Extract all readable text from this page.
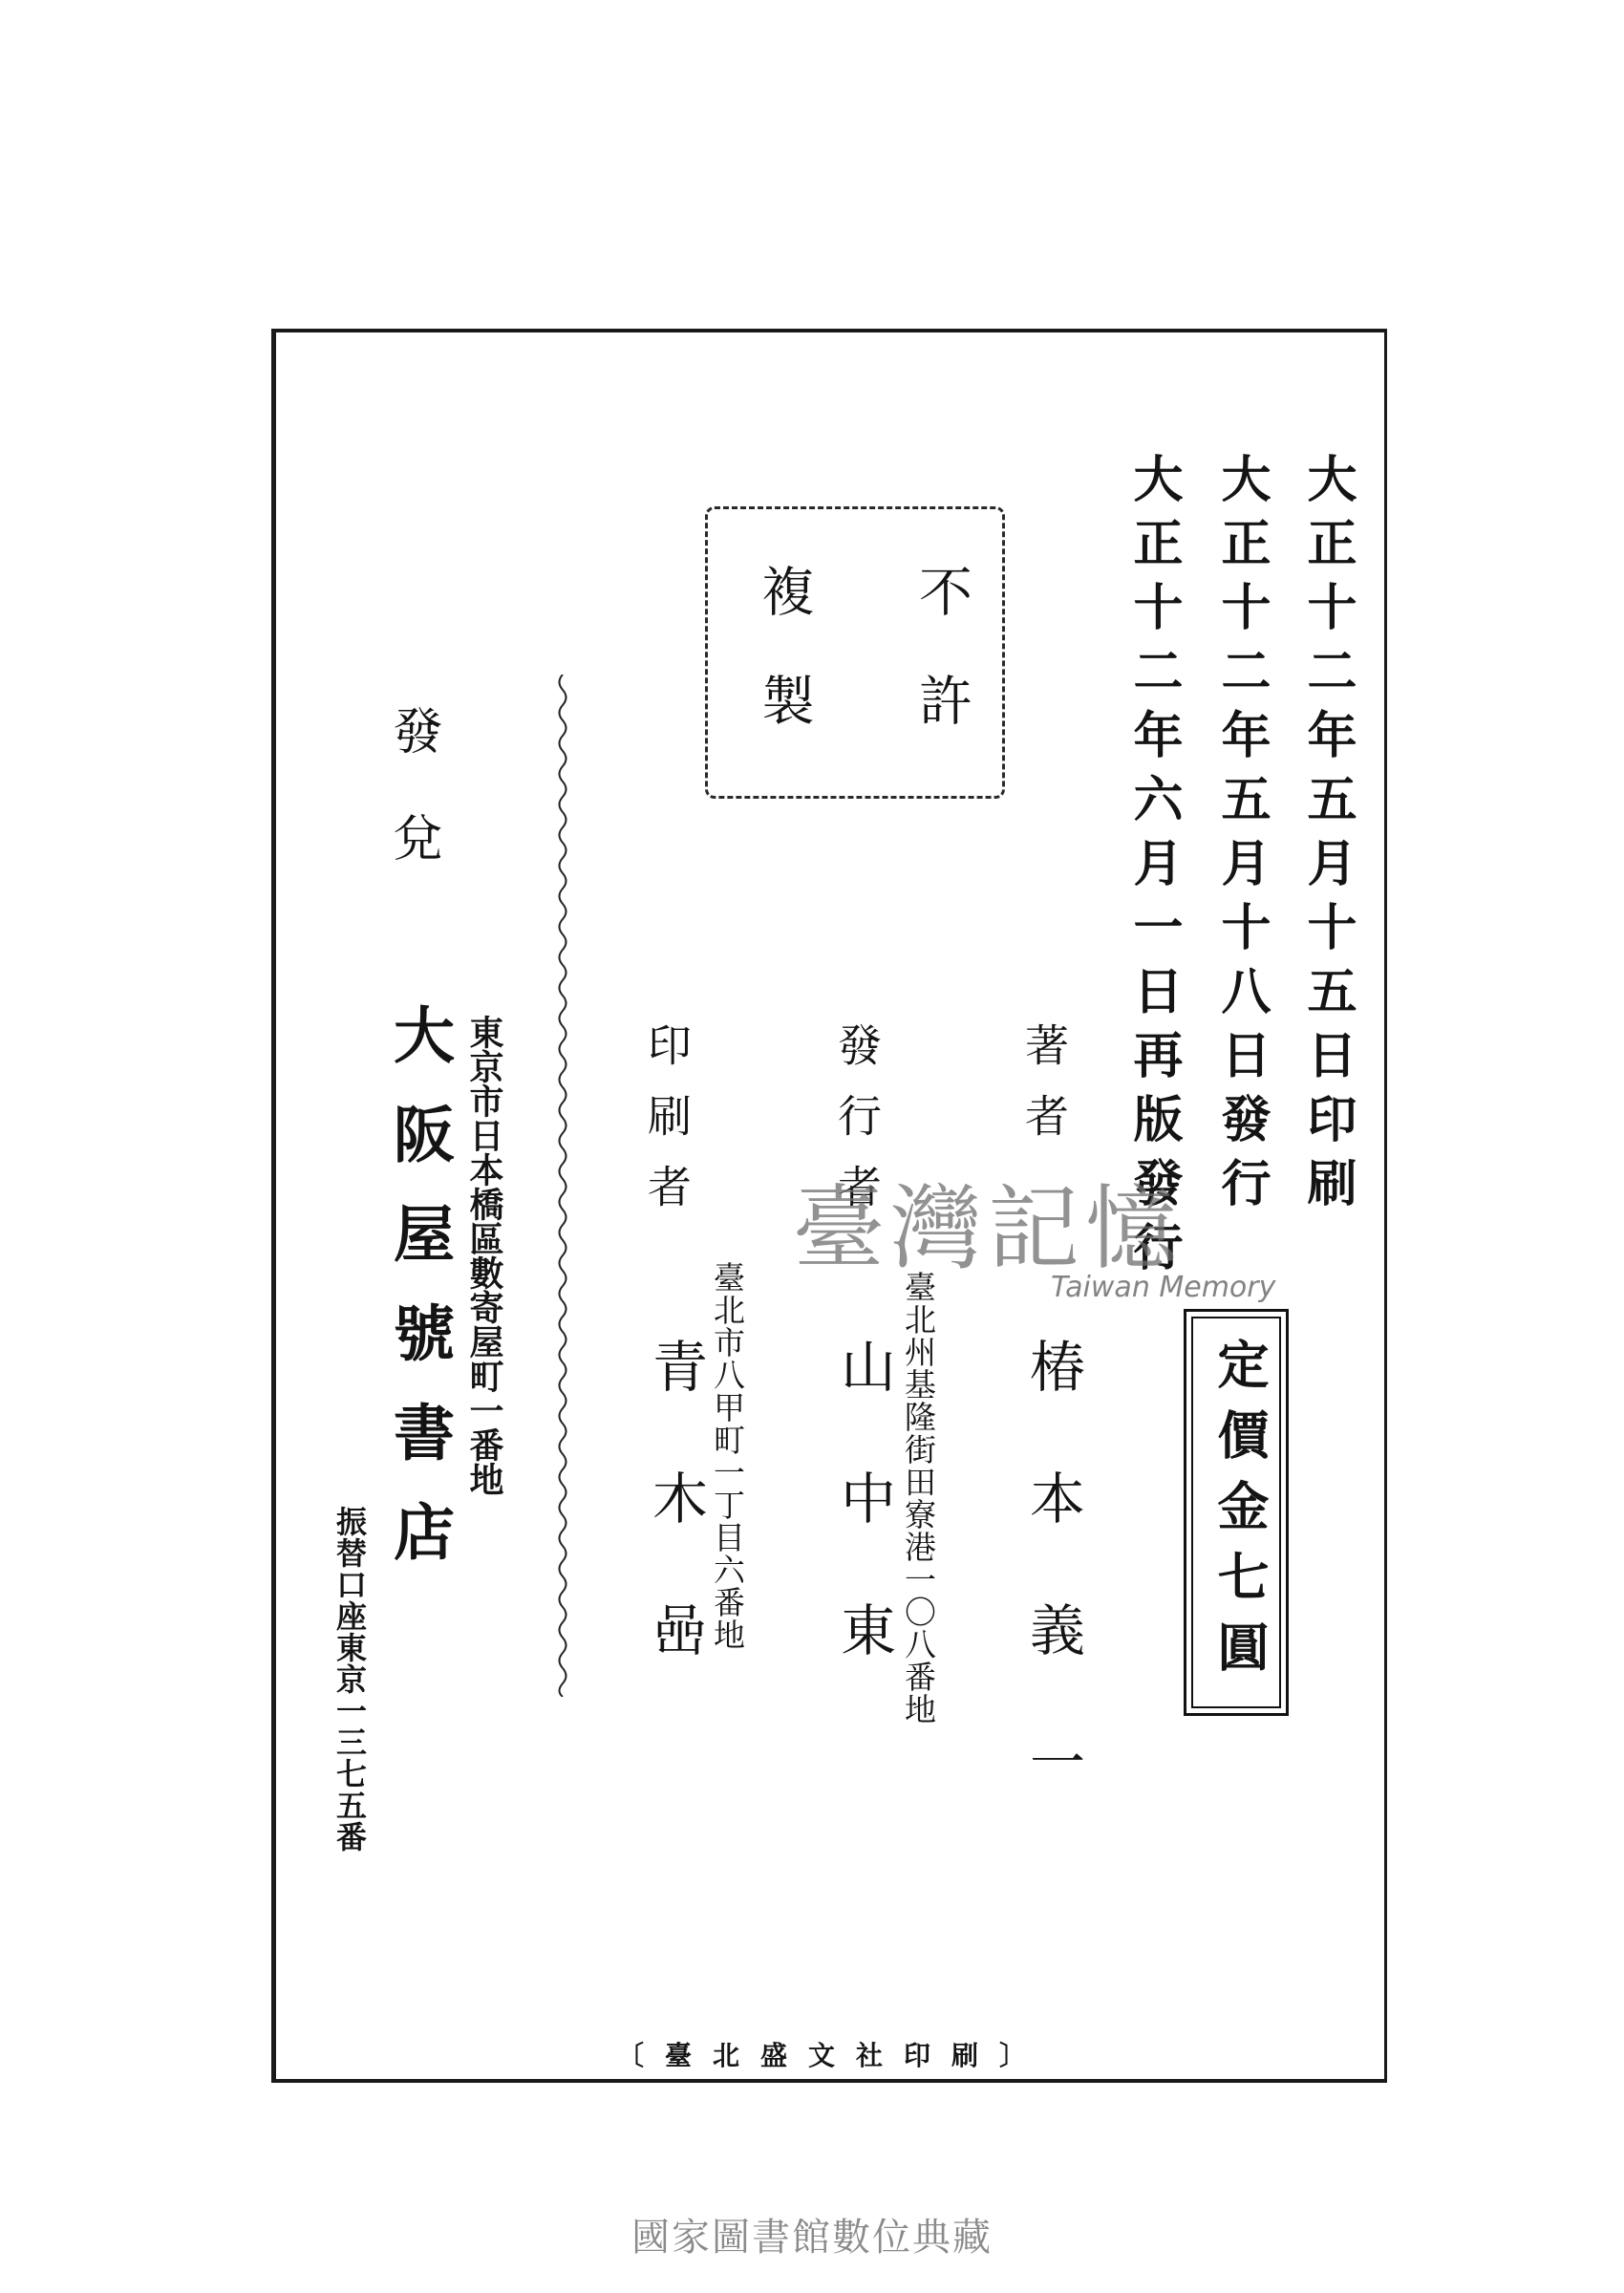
大正十二年五月十五日印刷
大正十二年五月十八日發行
大正十二年六月一日再版發行
不許
複製
著者
椿本義一 定價金七圓
發行者
臺北州基隆街田寮港一〇八番地
山中東
印刷者
臺北市八甲町一丁目六番地
青木喦
發兌
東京市日本橋區數寄屋町一番地
大阪屋號書店
振替口座東京一三七五番
〔臺北盛文社印刷〕
臺灣記憶
Taiwan Memory
國家圖書館數位典藏
